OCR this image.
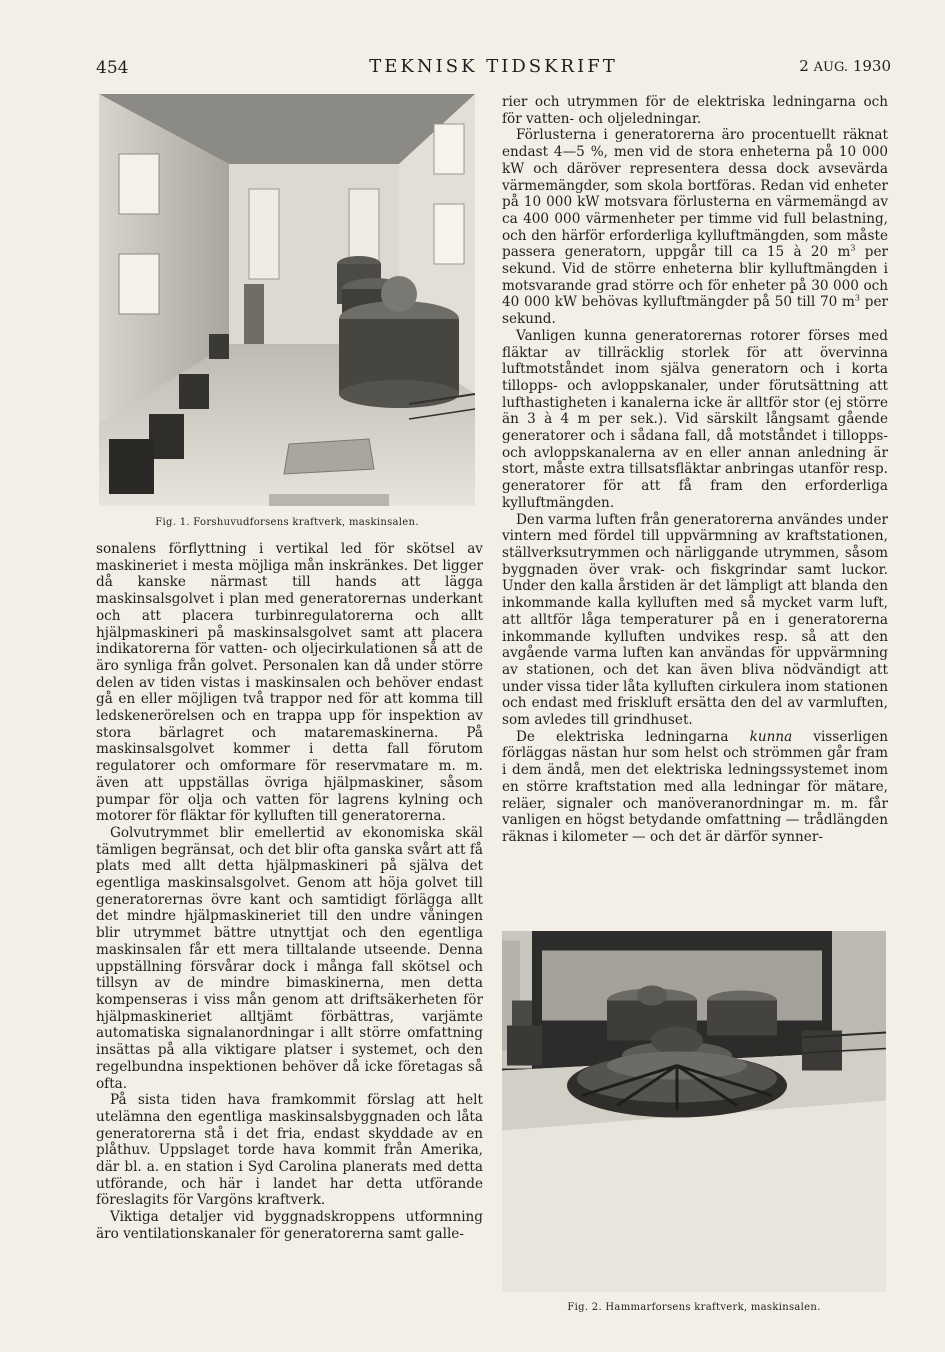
454	TEKNISK TIDSKRIFT	2 AUG. 1930
Fig. 1. Forshuvudforsens kraftverk, maskinsalen.

sonalens förflyttning i vertikal led för skötsel av maskineriet i mesta möjliga mån inskränkes. Det ligger då kanske närmast till hands att lägga maskinsalsgolvet i plan med generatorernas underkant och att placera turbinregulatorerna och allt hjälpmaskineri på maskinsalsgolvet samt att placera indikatorerna för vatten- och oljecirkulationen så att de äro synliga från golvet. Personalen kan då under större delen av tiden vistas i maskinsalen och behöver endast gå en eller möjligen två trappor ned för att komma till ledskenerörelsen och en trappa upp för inspektion av stora bärlagret och mataremaskinerna. På maskinsalsgolvet kommer i detta fall förutom regulatorer och omformare för reservmatare m. m. även att uppställas övriga hjälpmaskiner, såsom pumpar för olja och vatten för lagrens kylning och motorer för fläktar för kylluften till generatorerna.

Golvutrymmet blir emellertid av ekonomiska skäl tämligen begränsat, och det blir ofta ganska svårt att få plats med allt detta hjälpmaskineri på själva det egentliga maskinsalsgolvet. Genom att höja golvet till generatorernas övre kant och samtidigt förlägga allt det mindre hjälpmaskineriet till den undre våningen blir utrymmet bättre utnyttjat och den egentliga maskinsalen får ett mera tilltalande utseende. Denna uppställning försvårar dock i många fall skötsel och tillsyn av de mindre bimaskinerna, men detta kompenseras i viss mån genom att driftsäkerheten för hjälpmaskineriet alltjämt förbättras, varjämte automatiska signalanordningar i allt större omfattning insättas på alla viktigare platser i systemet, och den regelbundna inspektionen behöver då icke företagas så ofta.

På sista tiden hava framkommit förslag att helt utelämna den egentliga maskinsalsbyggnaden och låta generatorerna stå i det fria, endast skyddade av en plåthuv. Uppslaget torde hava kommit från Amerika, där bl. a. en station i Syd Carolina planerats med detta utförande, och här i landet har detta utförande föreslagits för Vargöns kraftverk.

Viktiga detaljer vid byggnadskroppens utformning äro ventilationskanaler för generatorerna samt galle-

rier och utrymmen för de elektriska ledningarna och för vatten- och oljeledningar.

Förlusterna i generatorerna äro procentuellt räknat endast 4—5 %, men vid de stora enheterna på 10 000 kW och däröver representera dessa dock avsevärda värmemängder, som skola bortföras. Redan vid enheter på 10 000 kW motsvara förlusterna en värmemängd av ca 400 000 värmenheter per timme vid full belastning, och den härför erforderliga kylluftmängden, som måste passera generatorn, uppgår till ca 15 à 20 $m^3$ per sekund. Vid de större enheterna blir kylluftmängden i motsvarande grad större och för enheter på 30 000 och 40 000 kW behövas kylluftmängder på 50 till 70 $m^3$ per sekund.

Vanligen kunna generatorernas rotorer förses med fläktar av tillräcklig storlek för att övervinna luftmotståndet inom själva generatorn och i korta tillopps- och avloppskanaler, under förutsättning att lufthastigheten i kanalerna icke är alltför stor (ej större än 3 à 4 m per sek.). Vid särskilt långsamt gående generatorer och i sådana fall, då motståndet i tillopps- och avloppskanalerna av en eller annan anledning är stort, måste extra tillsatsfläktar anbringas utanför resp. generatorer för att få fram den erforderliga kylluftmängden.

Den varma luften från generatorerna användes under vintern med fördel till uppvärmning av kraftstationen, ställverksutrymmen och närliggande utrymmen, såsom byggnaden över vrak- och fiskgrindar samt luckor. Under den kalla årstiden är det lämpligt att blanda den inkommande kalla kylluften med så mycket varm luft, att alltför låga temperaturer på en i generatorerna inkommande kylluften undvikes resp. så att den avgående varma luften kan användas för uppvärmning av stationen, och det kan även bliva nödvändigt att under vissa tider låta kylluften cirkulera inom stationen och endast med friskluft ersätta den del av varmluften, som avledes till grindhuset.

De elektriska ledningarna kunna visserligen förläggas nästan hur som helst och strömmen går fram i dem ändå, men det elektriska ledningssystemet inom en större kraftstation med alla ledningar för mätare, reläer, signaler och manöveranordningar m. m. får vanligen en högst betydande omfattning — trådlängden räknas i kilometer — och det är därför synner-

Fig. 2. Hammarforsens kraftverk, maskinsalen.
